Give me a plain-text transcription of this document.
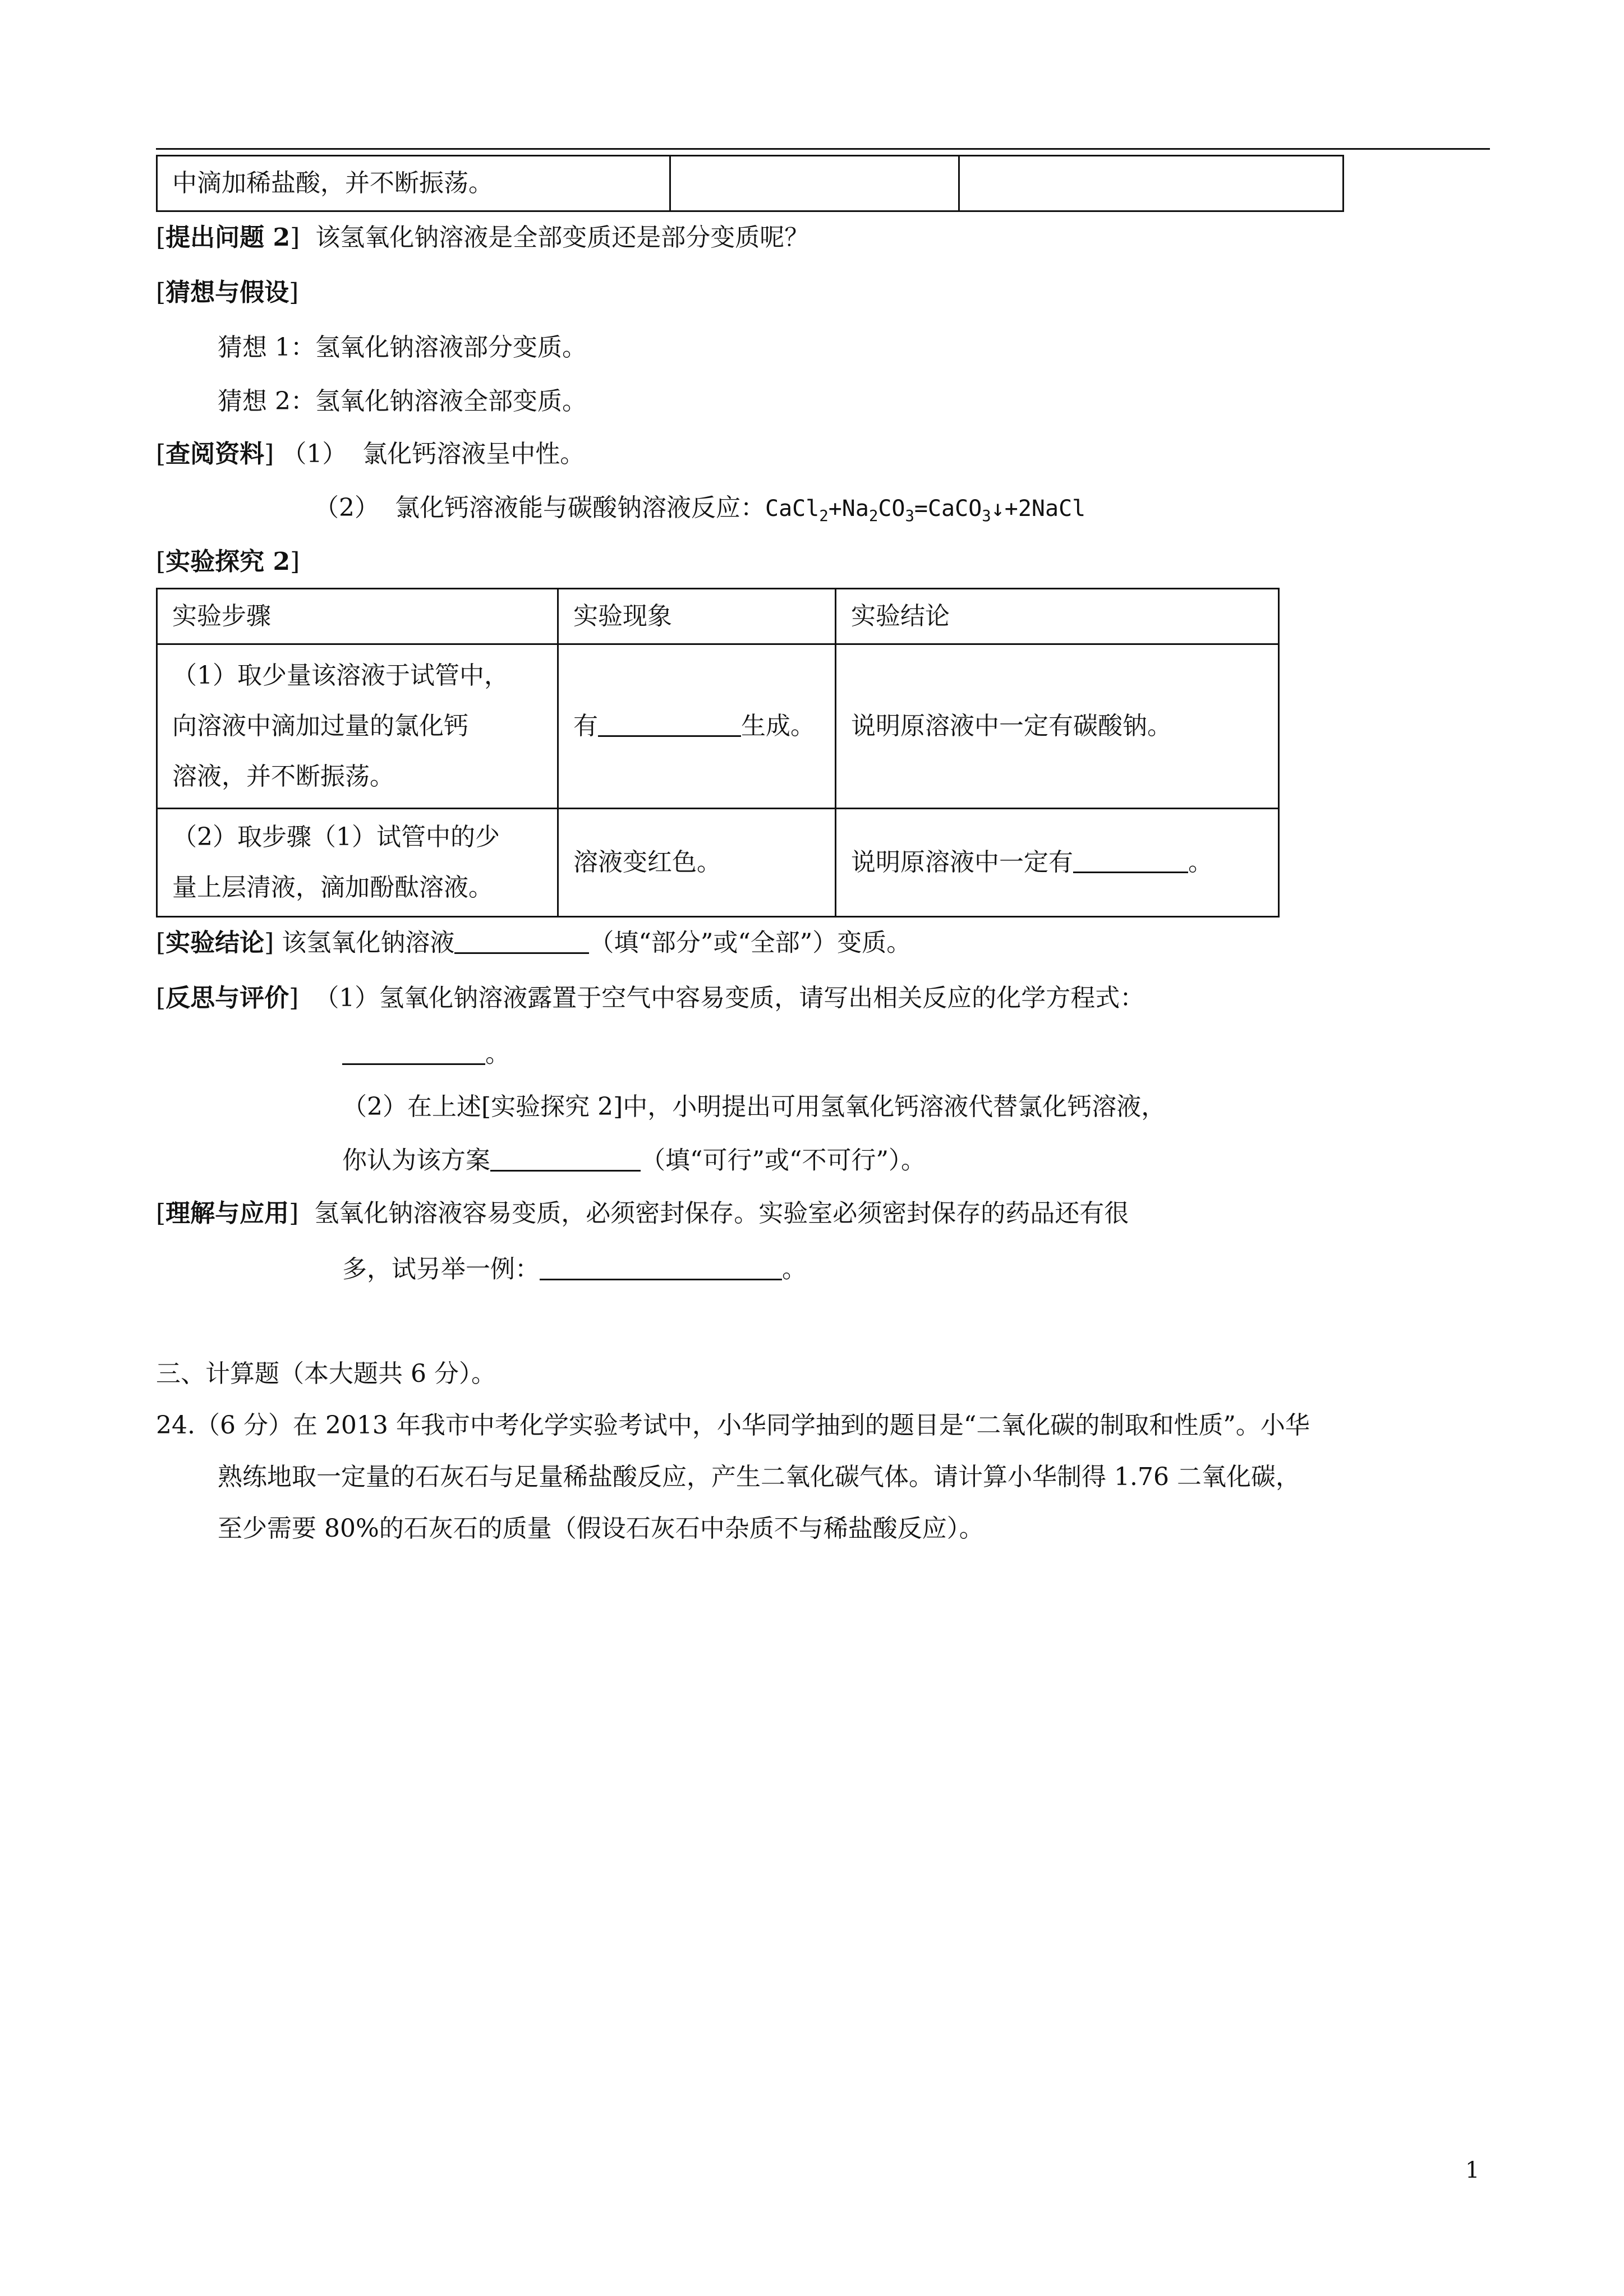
中滴加稀盐酸，并不断振荡。		
[提出问题 2]  该氢氧化钠溶液是全部变质还是部分变质呢？
[猜想与假设]
猜想 1：氢氧化钠溶液部分变质。
猜想 2：氢氧化钠溶液全部变质。
[查阅资料] （1） 氯化钙溶液呈中性。
（2） 氯化钙溶液能与碳酸钠溶液反应：$CaCl_2+Na_2CO_3=CaCO_3↓+2NaCl$
[实验探究 2]
实验步骤	实验现象	实验结论

（1）取少量该溶液于试管中，
向溶液中滴加过量的氯化钙
溶液，并不断振荡。	有 生成。	说明原溶液中一定有碳酸钠。

（2）取步骤（1）试管中的少
量上层清液，滴加酚酞溶液。	溶液变红色。	说明原溶液中一定有 。
[实验结论] 该氢氧化钠溶液	（填“部分”或“全部”）变质。
[反思与评价]  （1）氢氧化钠溶液露置于空气中容易变质，请写出相关反应的化学方程式：
。
（2）在上述[实验探究 2]中，小明提出可用氢氧化钙溶液代替氯化钙溶液，
你认为该方案	（填“可行”或“不可行”）。
[理解与应用]  氢氧化钠溶液容易变质，必须密封保存。实验室必须密封保存的药品还有很
多，试另举一例：	。
三、计算题（本大题共 6 分）。
24.（6 分）在 2013 年我市中考化学实验考试中，小华同学抽到的题目是“二氧化碳的制取和性质”。小华
熟练地取一定量的石灰石与足量稀盐酸反应，产生二氧化碳气体。请计算小华制得 1.76 二氧化碳，
至少需要 80%的石灰石的质量（假设石灰石中杂质不与稀盐酸反应）。
1
